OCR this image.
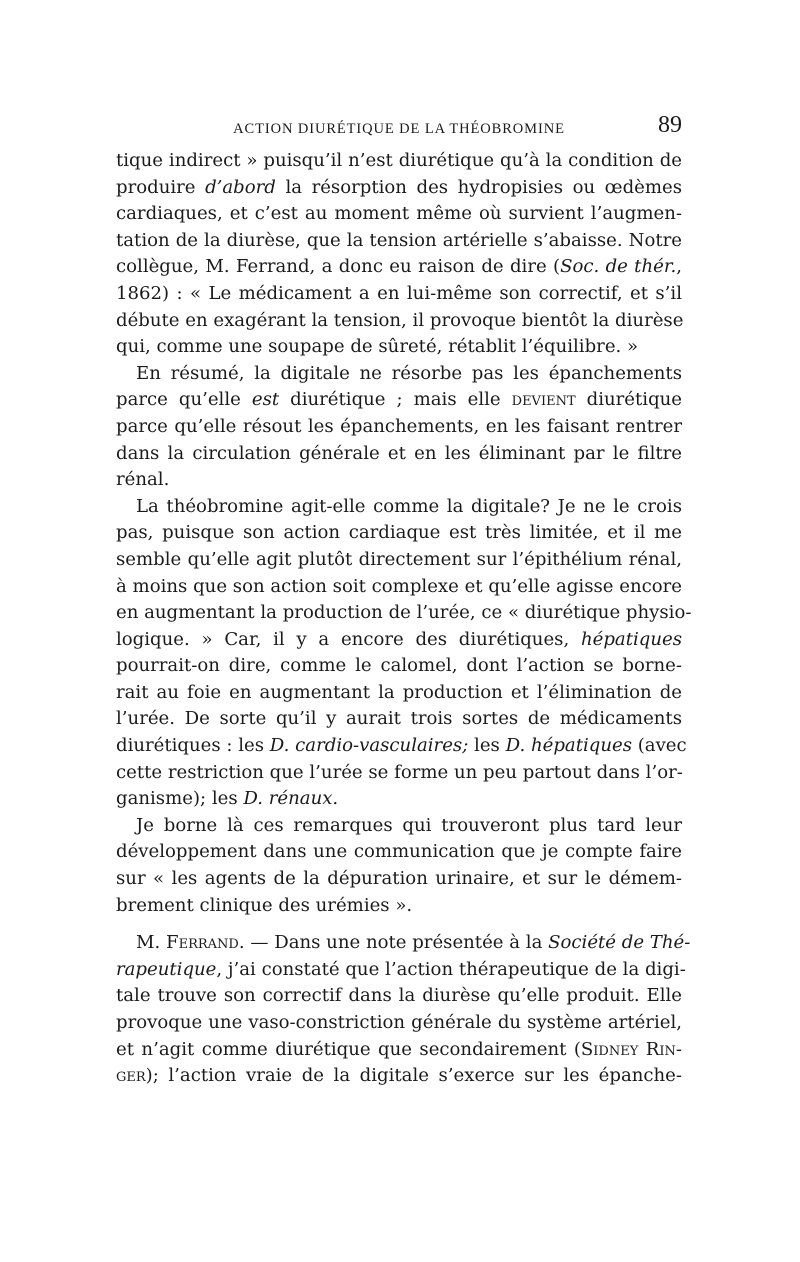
ACTION DIURÉTIQUE DE LA THÉOBROMINE	89
tique indirect » puisqu’il n’est diurétique qu’à la condition de
produire d’abord la résorption des hydropisies ou œdèmes
cardiaques, et c’est au moment même où survient l’augmen-
tation de la diurèse, que la tension artérielle s’abaisse. Notre
collègue, M. Ferrand, a donc eu raison de dire (Soc. de thér.,
1862) : « Le médicament a en lui-même son correctif, et s’il
débute en exagérant la tension, il provoque bientôt la diurèse
qui, comme une soupape de sûreté, rétablit l’équilibre. »
En résumé, la digitale ne résorbe pas les épanchements
parce qu’elle est diurétique ; mais elle devient diurétique
parce qu’elle résout les épanchements, en les faisant rentrer
dans la circulation générale et en les éliminant par le filtre
rénal.
La théobromine agit-elle comme la digitale? Je ne le crois
pas, puisque son action cardiaque est très limitée, et il me
semble qu’elle agit plutôt directement sur l’épithélium rénal,
à moins que son action soit complexe et qu’elle agisse encore
en augmentant la production de l’urée, ce « diurétique physio-
logique. » Car, il y a encore des diurétiques, hépatiques
pourrait-on dire, comme le calomel, dont l’action se borne-
rait au foie en augmentant la production et l’élimination de
l’urée. De sorte qu’il y aurait trois sortes de médicaments
diurétiques : les D. cardio-vasculaires; les D. hépatiques (avec
cette restriction que l’urée se forme un peu partout dans l’or-
ganisme); les D. rénaux.
Je borne là ces remarques qui trouveront plus tard leur
développement dans une communication que je compte faire
sur « les agents de la dépuration urinaire, et sur le démem-
brement clinique des urémies ».
M. Ferrand. — Dans une note présentée à la Société de Thé-
rapeutique, j’ai constaté que l’action thérapeutique de la digi-
tale trouve son correctif dans la diurèse qu’elle produit. Elle
provoque une vaso-constriction générale du système artériel,
et n’agit comme diurétique que secondairement (Sidney Rin-
ger); l’action vraie de la digitale s’exerce sur les épanche-
